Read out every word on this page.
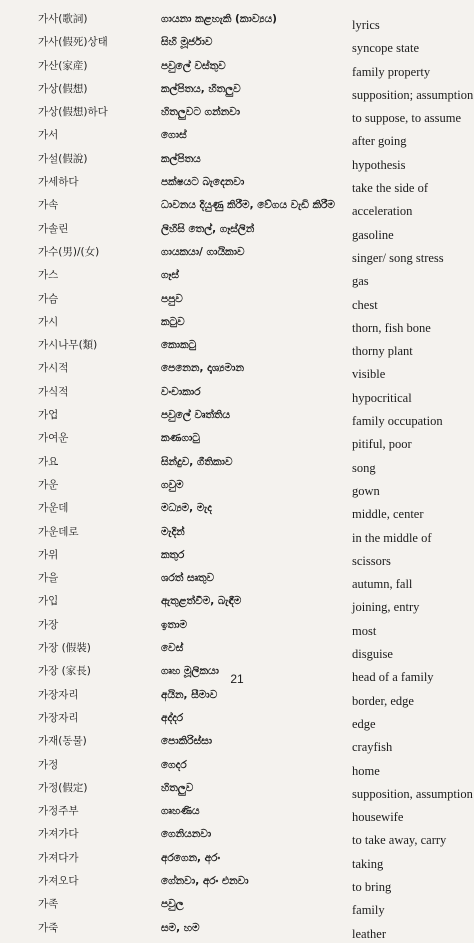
가사(歌詞)	ගායනා කළහැකි (කාව්‍යය)	lyrics
가사(假死)상태	සිහි මූර්ජාව	syncope state
가산(家産)	පවුලේ වස්තුව	family property
가상(假想)	කල්පිතය, හිතලුව	supposition; assumption
가상(假想)하다	හිතලුවට ගන්නවා	to suppose, to assume
가서	ගොස්	after going
가설(假說)	කල්පිතය	hypothesis
가세하다	පක්ෂයට බැදෙනවා	take the side of
가속	ධාවනය දියුණු කිරීම, වේගය වැඩි කිරීම acceleration
가솔린	ලිහිසි තෙල්, ගෑස්ලින්	gasoline
가수(男)/(女)	ගායකයා/ ගායිකාව	singer/ song stress
가스	ගෑස්	gas
가슴	පපුව	chest
가시	කටුව	thorn, fish bone
가시나무(類)	කොකටු	thorny plant
가시적	පෙනෙන, දෘශ්‍යමාන	visible
가식적	වංචාකාර	hypocritical
가업	පවුලේ වෘත්තිය	family occupation
가여운	කණගාටු	pitiful, poor
가요	සින්දුව, ගීතිකාව	song
가운	ගවුම	gown
가운데	මධ්‍යම, මැද	middle, center
가운데로	මැදින්	in the middle of
가위	කතුර	scissors
가을	ශරත් සෘතුව	autumn, fall
가입	ඇතුළත්වීම, බැඳීම	joining, entry
가장	ඉතාම	most
가장 (假裝)	වෙස්	disguise
가장 (家長)	ගෘහ මූලිකයා	head of a family
가장자리	අයින, සීමාව	border, edge
가장자리	අද්දර	edge
가재(동물)	පොකිරිස්සා	crayfish
가정	ගෙදර	home
가정(假定)	හිතලුව	supposition, assumption
가정주부	ගෘහණිය	housewife
가져가다	ගෙනියනවා	to take away, carry
가져다가	අරගෙන, අරං	taking
가져오다	ගේනවා, අරං එනවා	to bring
가족	පවුල	family
가죽	සම, හම	leather
21
